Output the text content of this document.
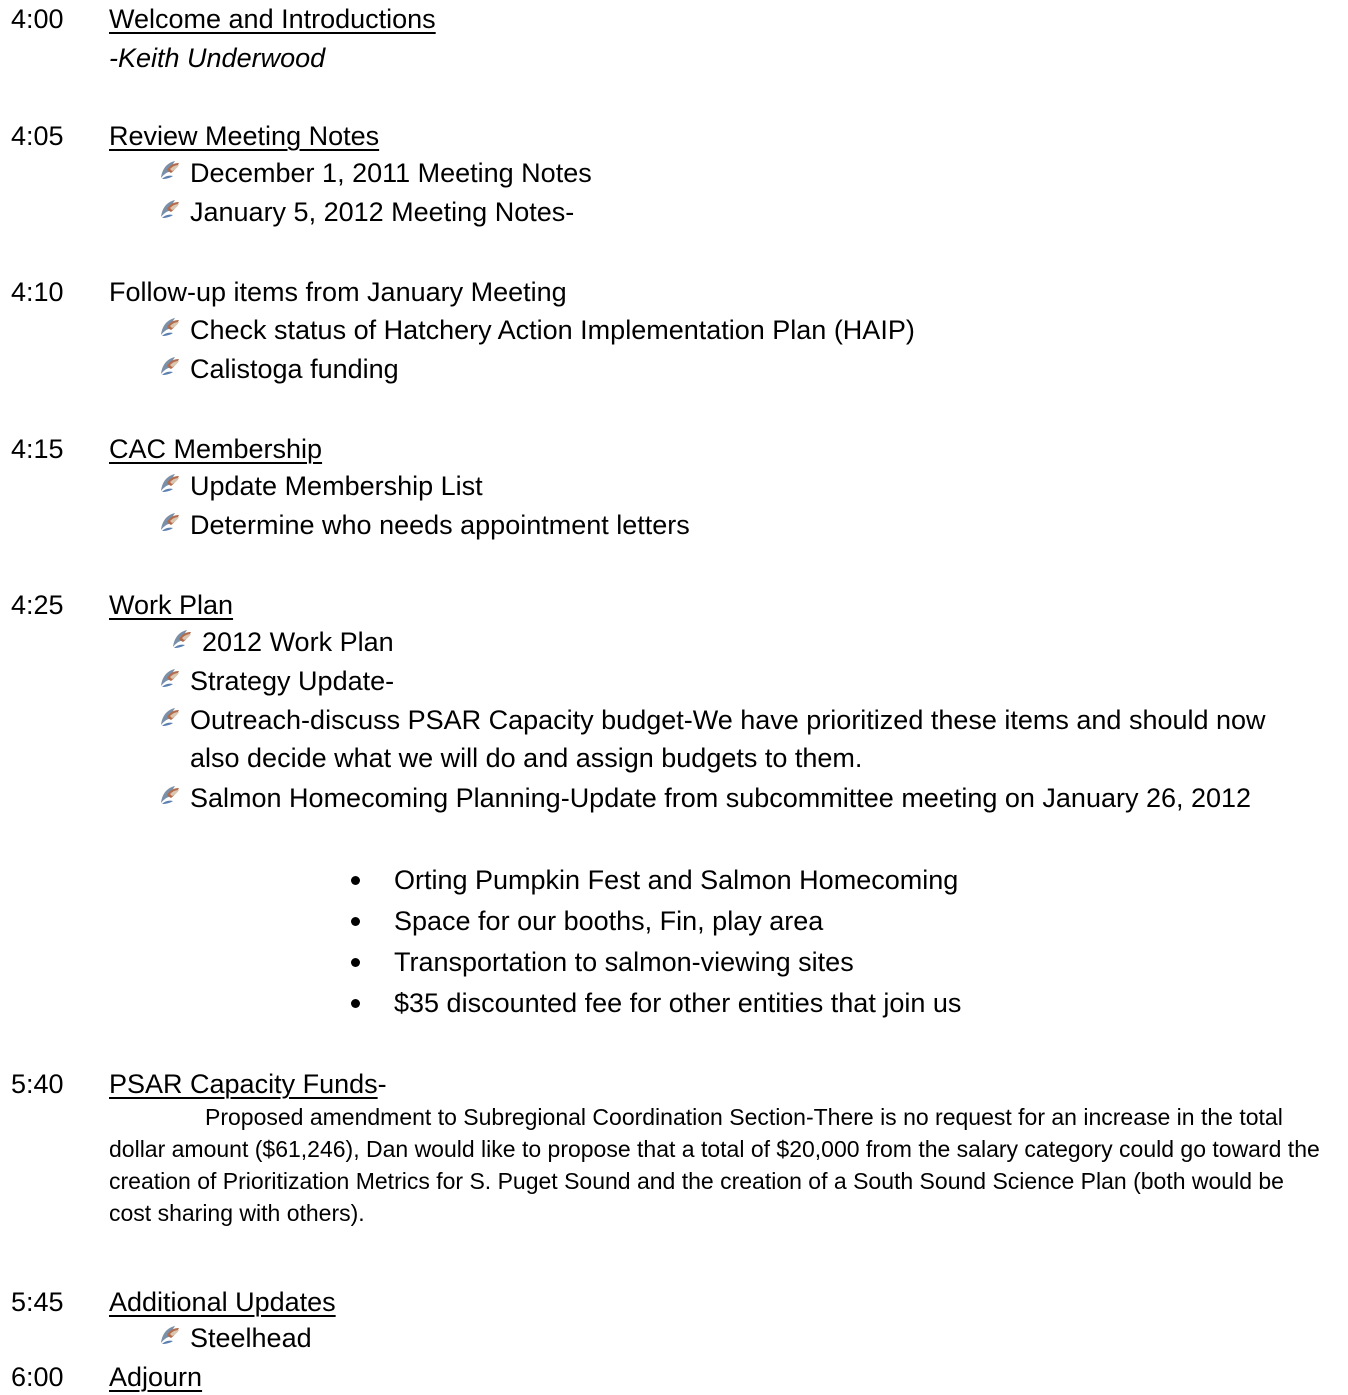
4:00 Welcome and Introductions
-Keith Underwood
4:05 Review Meeting Notes
December 1, 2011 Meeting Notes
January 5, 2012 Meeting Notes-
4:10 Follow-up items from January Meeting
Check status of Hatchery Action Implementation Plan (HAIP)
Calistoga funding
4:15 CAC Membership
Update Membership List
Determine who needs appointment letters
4:25 Work Plan
2012 Work Plan
Strategy Update-
Outreach-discuss PSAR Capacity budget-We have prioritized these items and should now also decide what we will do and assign budgets to them.
Salmon Homecoming Planning-Update from subcommittee meeting on January 26, 2012
Orting Pumpkin Fest and Salmon Homecoming
Space for our booths, Fin, play area
Transportation to salmon-viewing sites
$35 discounted fee for other entities that join us
5:40 PSAR Capacity Funds-
Proposed amendment to Subregional Coordination Section-There is no request for an increase in the total dollar amount ($61,246), Dan would like to propose that a total of $20,000 from the salary category could go toward the creation of Prioritization Metrics for S. Puget Sound and the creation of a South Sound Science Plan (both would be cost sharing with others).
5:45 Additional Updates
Steelhead
6:00 Adjourn
